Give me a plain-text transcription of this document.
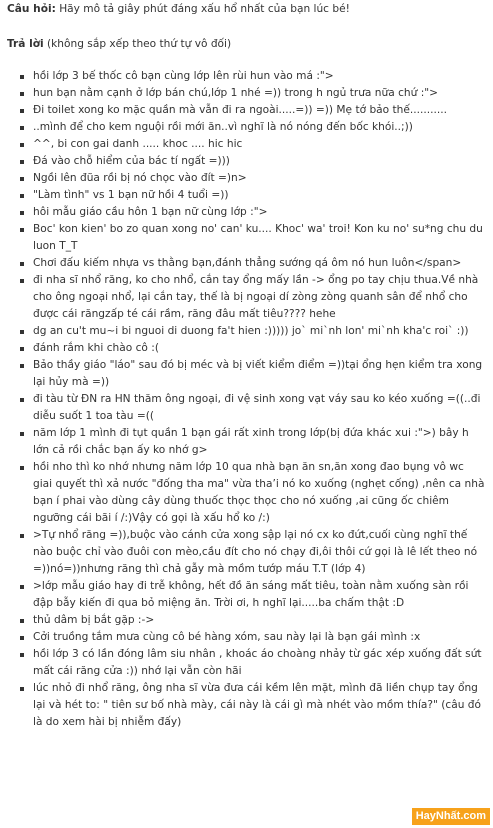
Câu hỏi: Hãy mô tả giây phút đáng xấu hổ nhất của bạn lúc bé!
Trả lời (không sắp xếp theo thứ tự vô đối)
hồi lớp 3 bế thốc cô bạn cùng lớp lên rùi hun vào má :">
hun bạn nằm cạnh ở lớp bán chú,lớp 1 nhé =)) trong h ngủ trưa nữa chứ :">
Đi toilet xong ko mặc quần mà vẫn đi ra ngoài.....=)) =)) Mẹ tớ bảo thế...........
..mình để cho kem nguội rồi mới ăn..vì nghĩ là nó nóng đến bốc khói..;))
^^, bi con gai danh ..... khoc .... hic hic
Đá vào chỗ hiểm của bác tí ngất =)))
Ngồi lên đũa rồi bị nó chọc vào đít =)n>
"Làm tình" vs 1 bạn nữ hồi 4 tuổi =))
hôi mẫu giáo cầu hôn 1 bạn nữ cùng lớp :">
Boc' kon kien' bo zo quan xong no' can' ku.... Khoc' wa' troi! Kon ku no' su*ng chu du luon T_T
Chơi đấu kiếm nhựa vs thằng bạn,đánh thẳng sướng qá ôm nó hun luôn</span>
đi nha sĩ nhổ răng, ko cho nhổ, cắn tay ổng mấy lần -> ổng po tay chịu thua.Về nhà cho ông ngoại nhổ, lại cắn tay, thế là bị ngoại dí zòng zòng quanh sân để nhổ cho được cái răngzấp té cái rầm, răng đâu mất tiêu???? hehe
dg an cu't mu~i bi nguoi di duong fa't hien :))))) jo` mi`nh lon' mi`nh kha'c roi` :))
đánh rắm khi chào cô :(
Bảo thầy giáo "láo" sau đó bị méc và bị viết kiểm điểm =))tại ổng hẹn kiểm tra xong lại hủy mà =))
đi tàu từ ĐN ra HN thăm ông ngoại, đi vệ sinh xong vạt váy sau ko kéo xuống =((..đi diễu suốt 1 toa tàu =((
năm lớp 1 mình đi tụt quần 1 bạn gái rất xinh trong lớp(bị đứa khác xui :">) bây h lớn cả rồi chắc bạn ấy ko nhớ g>
hồi nho thì ko nhớ nhưng năm lớp 10 qua nhà bạn ăn sn,ăn xong đao bụng vô wc giai quyết thì xả nước "đống tha ma" vừa thaʼi nó ko xuống (nghẹt cống) ,nên ca nhà bạn í phai vào dùng cây dùng thuốc thọc thọc cho nó xuống ,ai cũng ốc chiêm ngưỡng cái bãi í /:)Vậy có gọi là xấu hổ ko /:)
>Tự nhổ răng =)),buộc vào cánh cửa xong sập lại nó cx ko đứt,cuối cùng nghĩ thế nào buộc chỉ vào đuôi con mèo,cầu đít cho nó chạy đi,ôi thôi cứ gọi là lê lết theo nó =))nó=))nhưng răng thì chả gẫy mà mồm tướp máu T.T (lớp 4)
>lớp mẫu giáo hay đi trễ không, hết đồ ăn sáng mất tiêu, toàn nằm xuống sàn rồi đập bẫy kiến đi qua bỏ miệng ăn. Trời ơi, h nghĩ lại.....ba chấm thật :D
thủ dâm bị bắt gặp :->
Cởi truồng tắm mưa cùng cô bé hàng xóm, sau này lại là bạn gái mình :x
hồi lớp 3 có lần đóng lâm siu nhân , khoác áo choàng nhảy từ gác xép xuống đất sứt mất cái răng cửa :)) nhớ lại vẫn còn hãi
lúc nhỏ đi nhổ răng, ông nha sĩ vừa đưa cái kềm lên mặt, mình đã liền chụp tay ổng lại và hét to: " tiên sư bố nhà mày, cái này là cái gì mà nhét vào mồm thía?" (câu đó là do xem hài bị nhiễm đấy)
HayNhất.com
